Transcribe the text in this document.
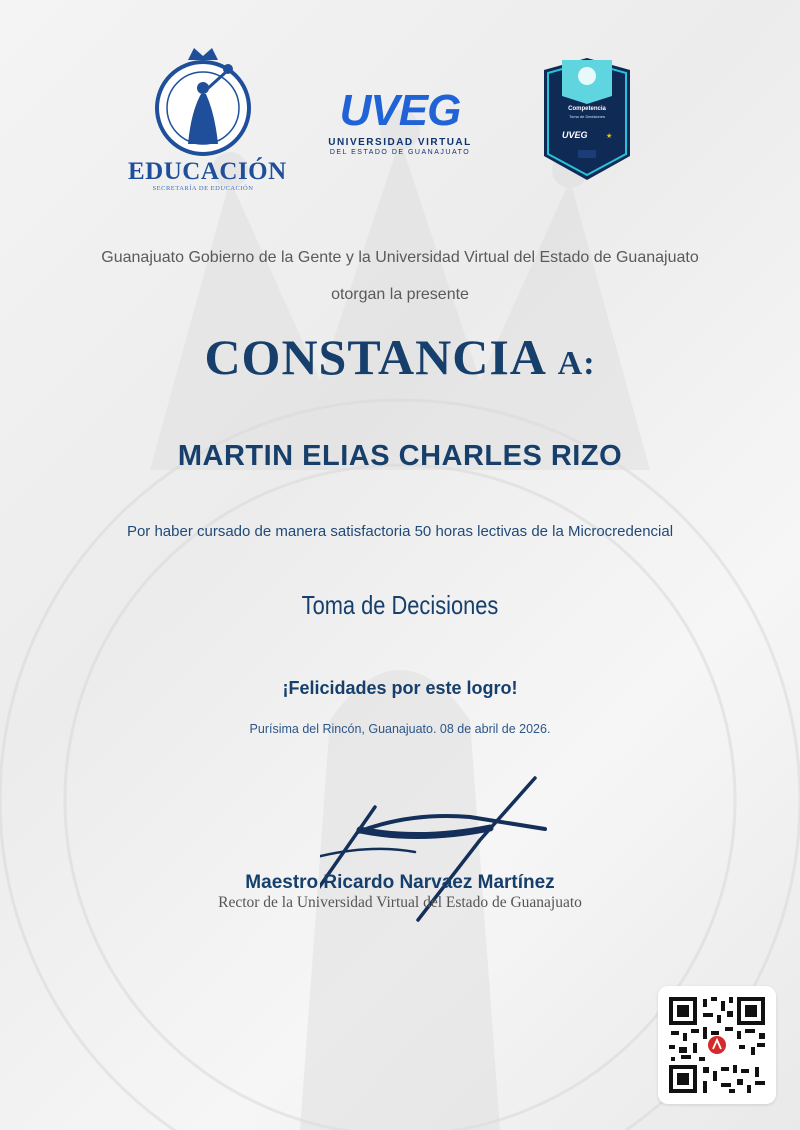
EDUCACIÓN
SECRETARÍA DE EDUCACIÓN
UVEG
UNIVERSIDAD VIRTUAL
DEL ESTADO DE GUANAJUATO
UVEG	★
Competencia
Toma de Decisiones
Guanajuato Gobierno de la Gente y la Universidad Virtual del Estado de Guanajuato
otorgan la presente
CONSTANCIA A:
MARTIN ELIAS CHARLES RIZO
Por haber cursado de manera satisfactoria 50 horas lectivas de la Microcredencial
Toma de Decisiones
¡Felicidades por este logro!
Purísima del Rincón, Guanajuato. 08 de abril de 2026.
Maestro Ricardo Narvaez Martínez
Rector de la Universidad Virtual del Estado de Guanajuato
